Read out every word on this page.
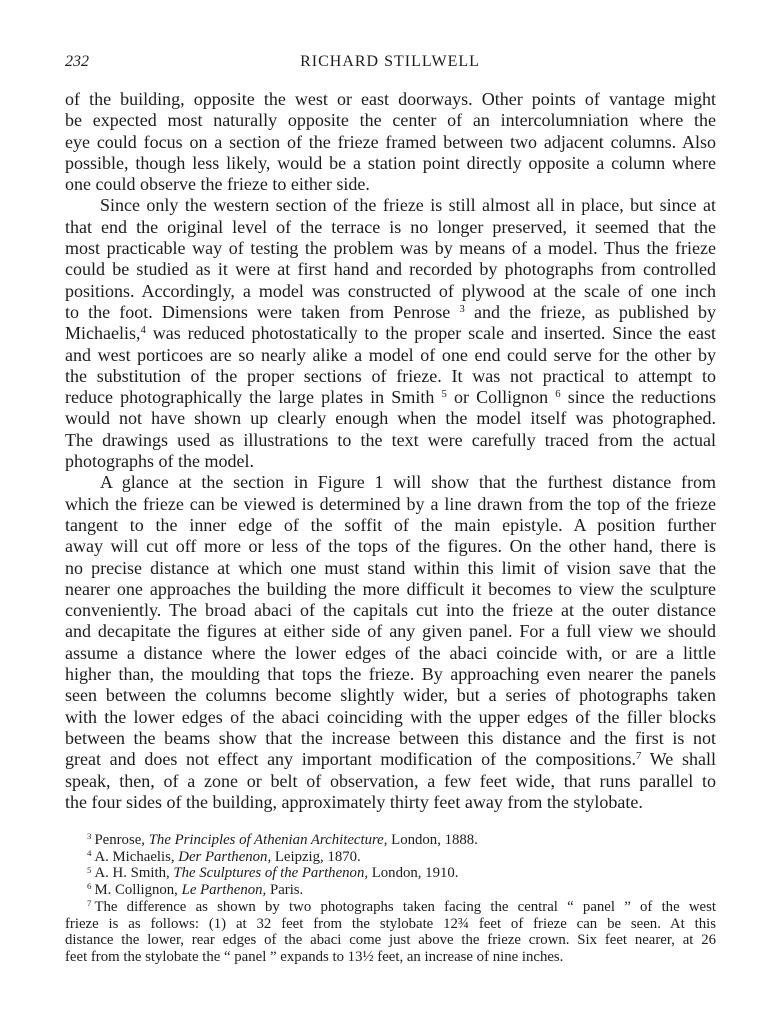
232	RICHARD STILLWELL
of the building, opposite the west or east doorways. Other points of vantage might
be expected most naturally opposite the center of an intercolumniation where the
eye could focus on a section of the frieze framed between two adjacent columns. Also
possible, though less likely, would be a station point directly opposite a column where
one could observe the frieze to either side.
Since only the western section of the frieze is still almost all in place, but since at
that end the original level of the terrace is no longer preserved, it seemed that the
most practicable way of testing the problem was by means of a model. Thus the frieze
could be studied as it were at first hand and recorded by photographs from controlled
positions. Accordingly, a model was constructed of plywood at the scale of one inch
to the foot. Dimensions were taken from Penrose $^3$ and the frieze, as published by
Michaelis,$^4$ was reduced photostatically to the proper scale and inserted. Since the east
and west porticoes are so nearly alike a model of one end could serve for the other by
the substitution of the proper sections of frieze. It was not practical to attempt to
reduce photographically the large plates in Smith $^5$ or Collignon $^6$ since the reductions
would not have shown up clearly enough when the model itself was photographed.
The drawings used as illustrations to the text were carefully traced from the actual
photographs of the model.
A glance at the section in Figure 1 will show that the furthest distance from
which the frieze can be viewed is determined by a line drawn from the top of the frieze
tangent to the inner edge of the soffit of the main epistyle. A position further
away will cut off more or less of the tops of the figures. On the other hand, there is
no precise distance at which one must stand within this limit of vision save that the
nearer one approaches the building the more difficult it becomes to view the sculpture
conveniently. The broad abaci of the capitals cut into the frieze at the outer distance
and decapitate the figures at either side of any given panel. For a full view we should
assume a distance where the lower edges of the abaci coincide with, or are a little
higher than, the moulding that tops the frieze. By approaching even nearer the panels
seen between the columns become slightly wider, but a series of photographs taken
with the lower edges of the abaci coinciding with the upper edges of the filler blocks
between the beams show that the increase between this distance and the first is not
great and does not effect any important modification of the compositions.$^7$ We shall
speak, then, of a zone or belt of observation, a few feet wide, that runs parallel to
the four sides of the building, approximately thirty feet away from the stylobate.
$^3$ Penrose, The Principles of Athenian Architecture, London, 1888.
$^4$ A. Michaelis, Der Parthenon, Leipzig, 1870.
$^5$ A. H. Smith, The Sculptures of the Parthenon, London, 1910.
$^6$ M. Collignon, Le Parthenon, Paris.
$^7$ The difference as shown by two photographs taken facing the central “ panel ” of the west
frieze is as follows: (1) at 32 feet from the stylobate 12¾ feet of frieze can be seen. At this
distance the lower, rear edges of the abaci come just above the frieze crown. Six feet nearer, at 26
feet from the stylobate the “ panel ” expands to 13½ feet, an increase of nine inches.
